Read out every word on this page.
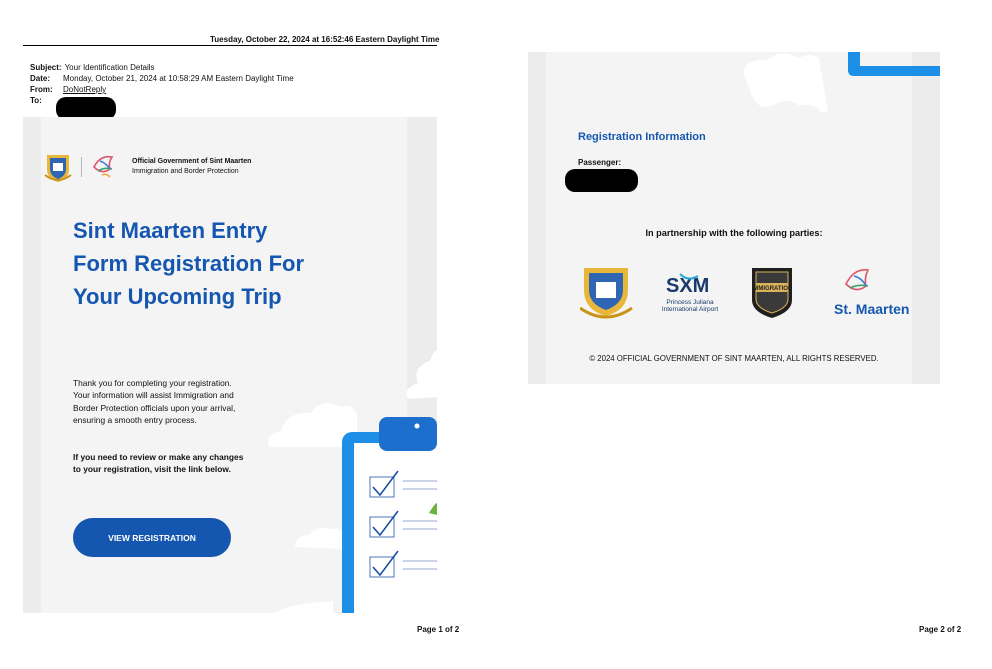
Tuesday, October 22, 2024 at 16:52:46 Eastern Daylight Time
Subject: Your Identification Details
Date:	Monday, October 21, 2024 at 10:58:29 AM Eastern Daylight Time
From:	DoNotReply
To:
Official Government of Sint Maarten
Immigration and Border Protection
Sint Maarten Entry Form Registration For Your Upcoming Trip
Thank you for completing your registration. Your information will assist Immigration and Border Protection officials upon your arrival, ensuring a smooth entry process.
If you need to review or make any changes to your registration, visit the link below.
VIEW REGISTRATION
Page 1 of 2
Registration Information
Passenger:
In partnership with the following parties:
SXM
Princess Juliana
International Airport
IMMIGRATION
St. Maarten
© 2024 OFFICIAL GOVERNMENT OF SINT MAARTEN, ALL RIGHTS RESERVED.
Page 2 of 2
